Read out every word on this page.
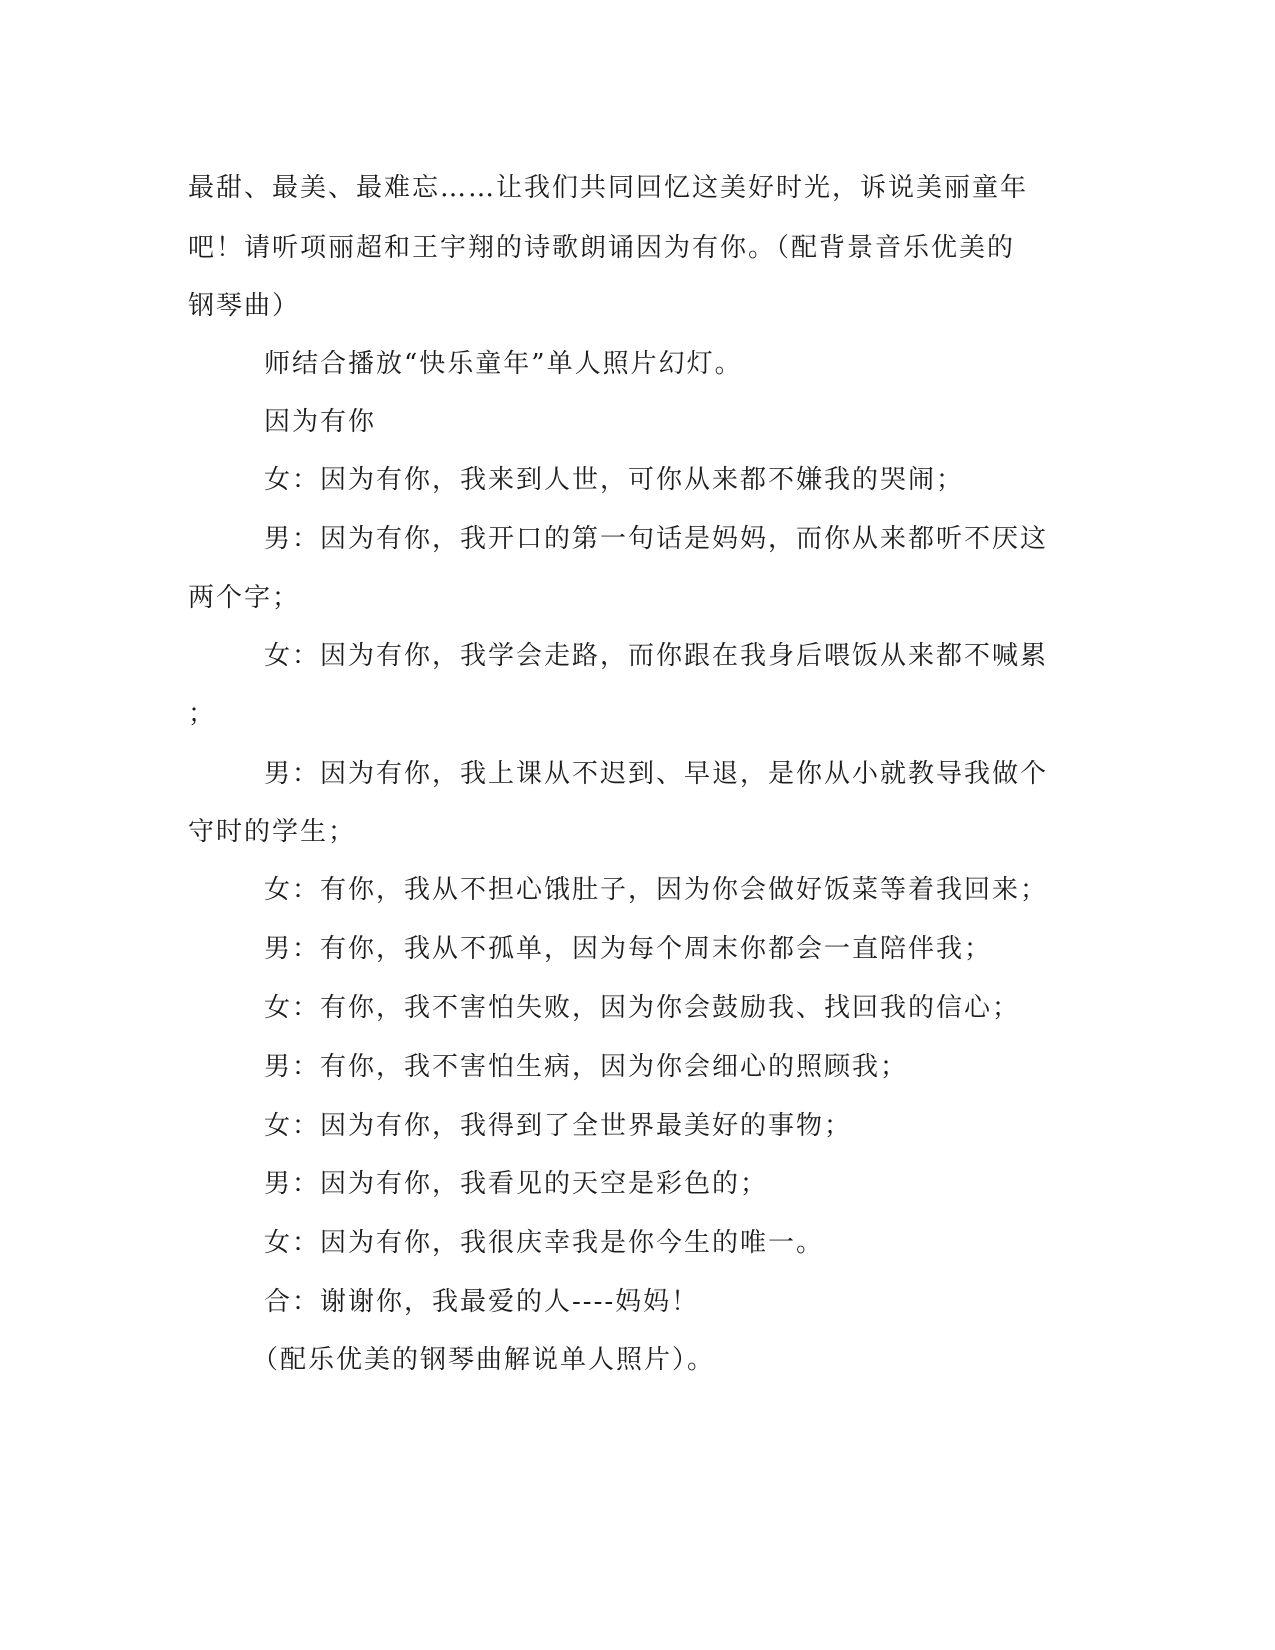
最甜、最美、最难忘……让我们共同回忆这美好时光，诉说美丽童年
吧！请听项丽超和王宇翔的诗歌朗诵因为有你。（配背景音乐优美的
钢琴曲）
师结合播放“快乐童年”单人照片幻灯。
因为有你
女：因为有你，我来到人世，可你从来都不嫌我的哭闹；
男：因为有你，我开口的第一句话是妈妈，而你从来都听不厌这
两个字；
女：因为有你，我学会走路，而你跟在我身后喂饭从来都不喊累
；
男：因为有你，我上课从不迟到、早退，是你从小就教导我做个
守时的学生；
女：有你，我从不担心饿肚子，因为你会做好饭菜等着我回来；
男：有你，我从不孤单，因为每个周末你都会一直陪伴我；
女：有你，我不害怕失败，因为你会鼓励我、找回我的信心；
男：有你，我不害怕生病，因为你会细心的照顾我；
女：因为有你，我得到了全世界最美好的事物；
男：因为有你，我看见的天空是彩色的；
女：因为有你，我很庆幸我是你今生的唯一。
合：谢谢你，我最爱的人----妈妈！
（配乐优美的钢琴曲解说单人照片）。
